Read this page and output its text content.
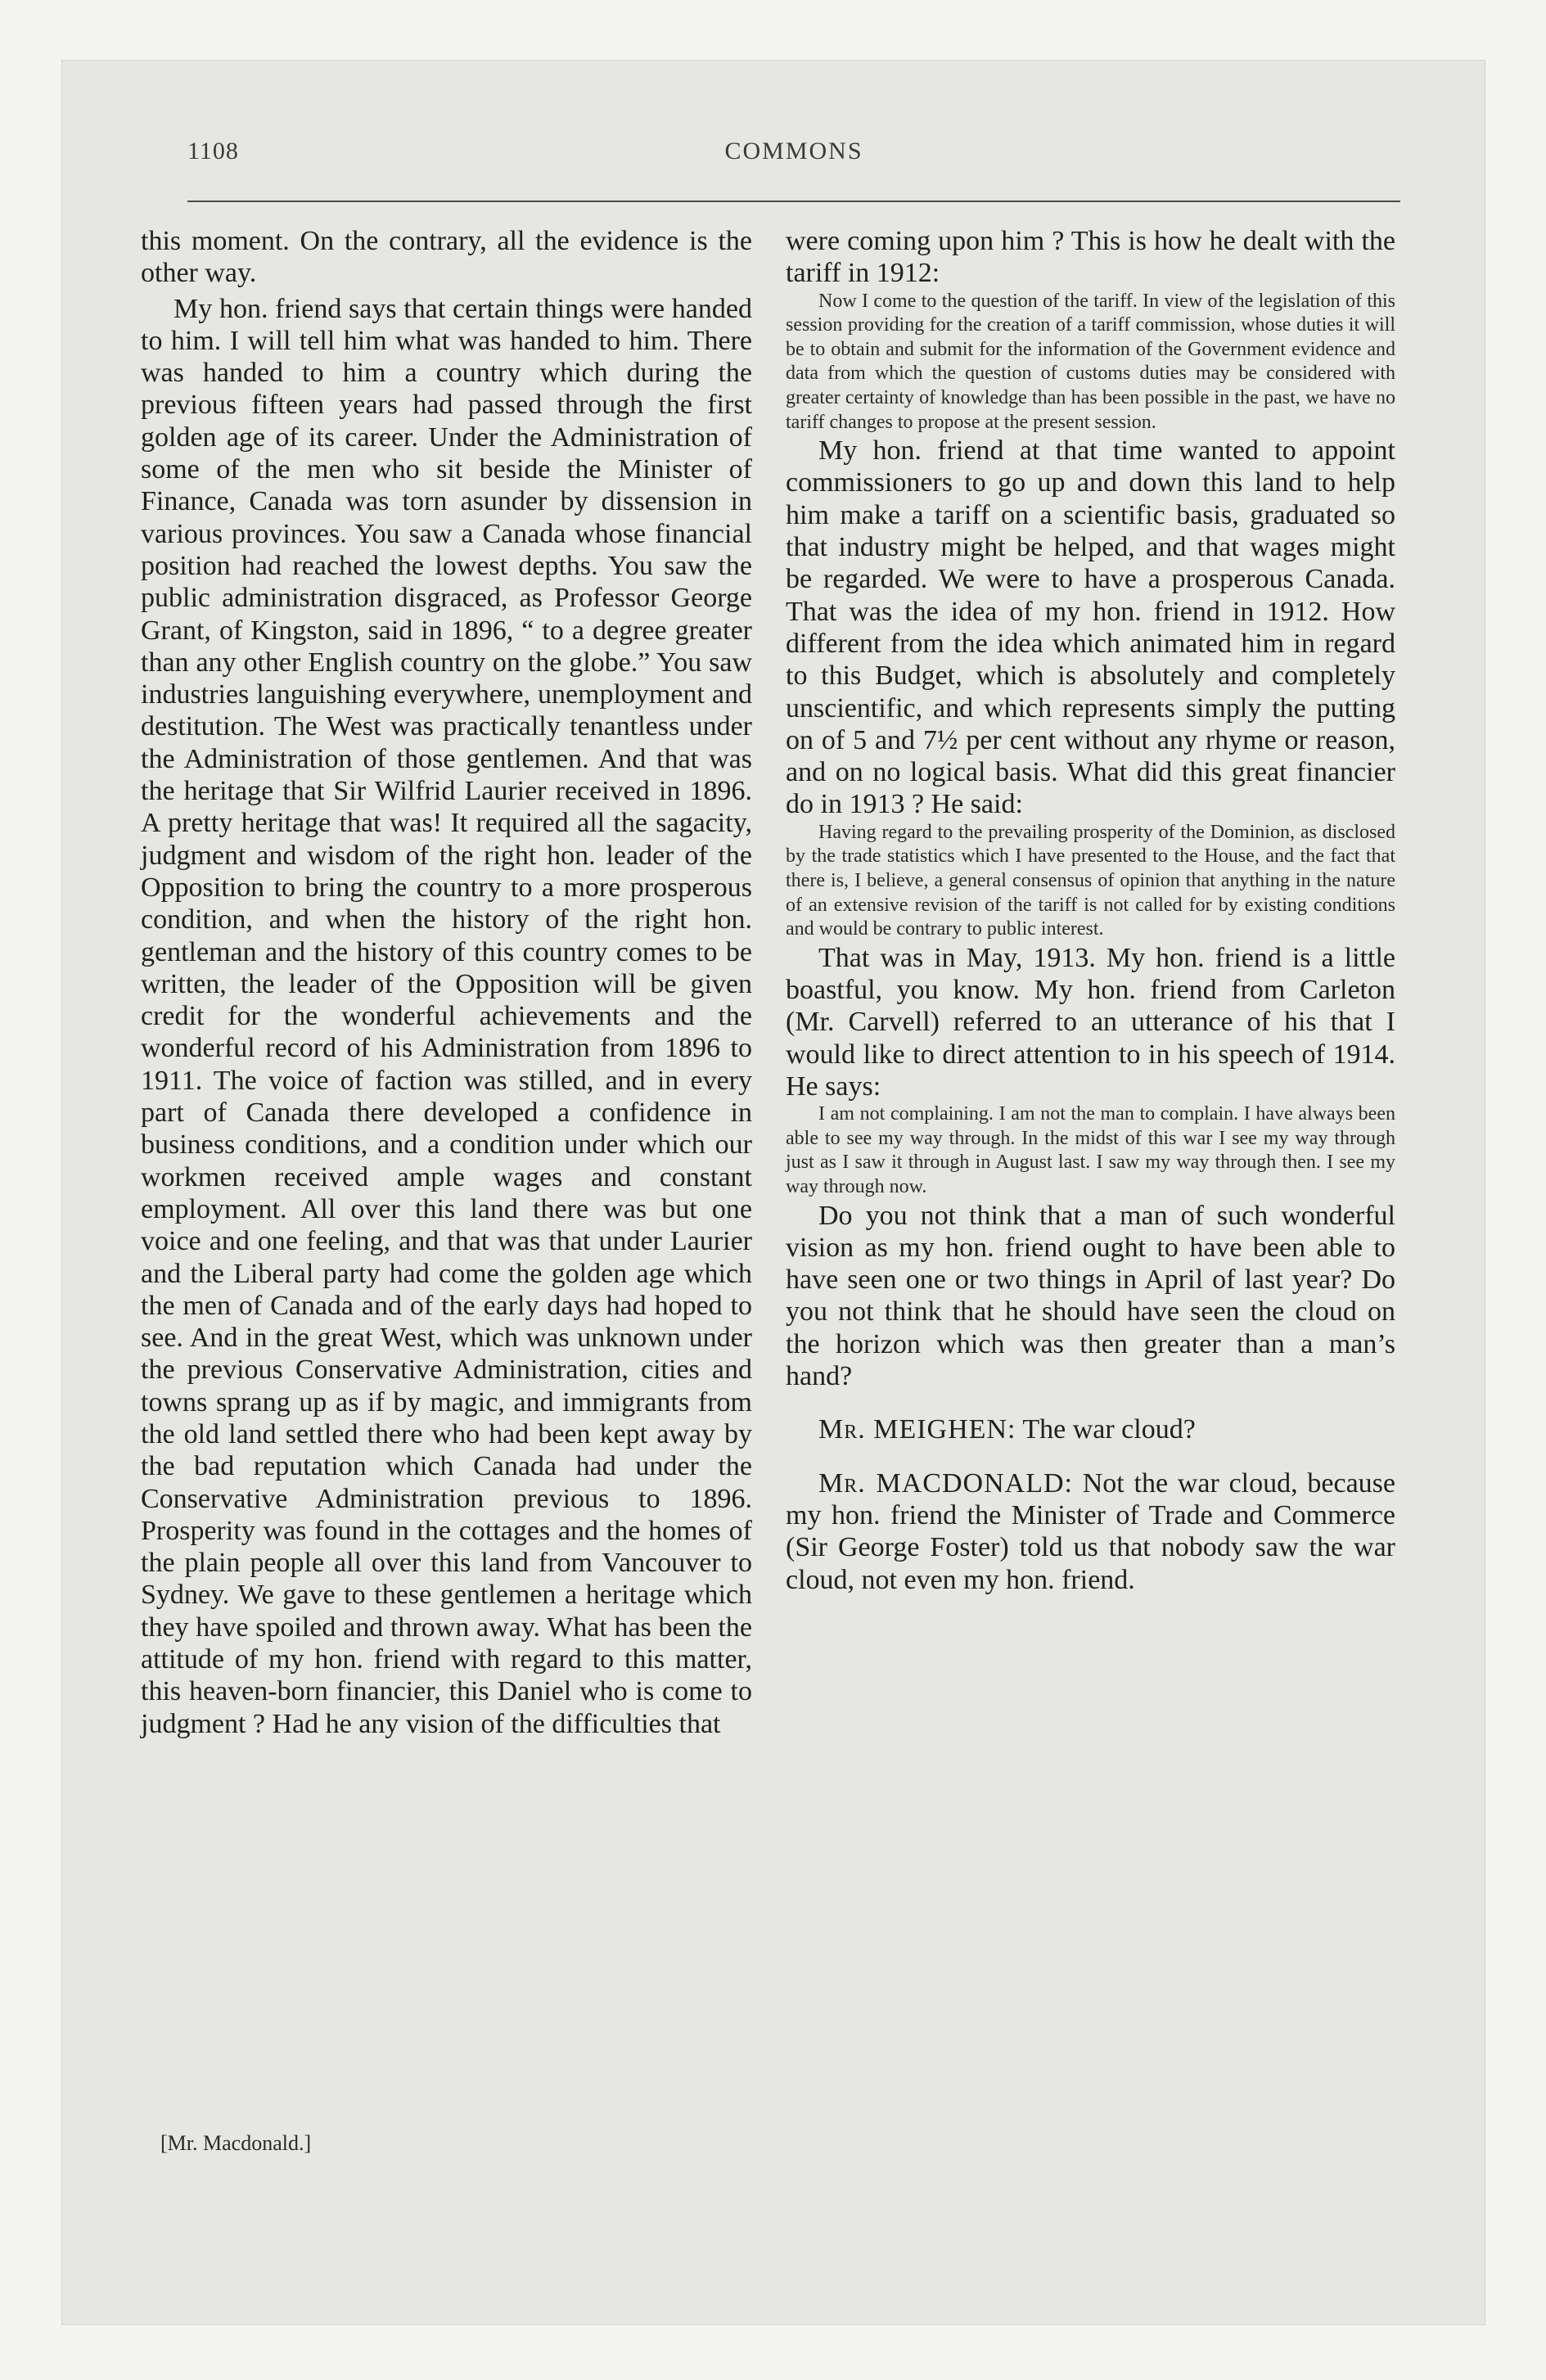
1108	COMMONS

this moment. On the contrary, all the evidence is the other way.

My hon. friend says that certain things were handed to him. I will tell him what was handed to him. There was handed to him a country which during the previous fifteen years had passed through the first golden age of its career. Under the Administration of some of the men who sit beside the Minister of Finance, Canada was torn asunder by dissension in various provinces. You saw a Canada whose financial position had reached the lowest depths. You saw the public administration disgraced, as Professor George Grant, of Kingston, said in 1896, “ to a degree greater than any other English country on the globe.” You saw industries languishing everywhere, unemployment and destitution. The West was practically tenantless under the Administration of those gentlemen. And that was the heritage that Sir Wilfrid Laurier received in 1896. A pretty heritage that was! It required all the sagacity, judgment and wisdom of the right hon. leader of the Opposition to bring the country to a more prosperous condition, and when the history of the right hon. gentleman and the history of this country comes to be written, the leader of the Opposition will be given credit for the wonderful achievements and the wonderful record of his Administration from 1896 to 1911. The voice of faction was stilled, and in every part of Canada there developed a confidence in business conditions, and a condition under which our workmen received ample wages and constant employment. All over this land there was but one voice and one feeling, and that was that under Laurier and the Liberal party had come the golden age which the men of Canada and of the early days had hoped to see. And in the great West, which was unknown under the previous Conservative Administration, cities and towns sprang up as if by magic, and immigrants from the old land settled there who had been kept away by the bad reputation which Canada had under the Conservative Administration previous to 1896. Prosperity was found in the cottages and the homes of the plain people all over this land from Vancouver to Sydney. We gave to these gentlemen a heritage which they have spoiled and thrown away. What has been the attitude of my hon. friend with regard to this matter, this heaven-born financier, this Daniel who is come to judgment ? Had he any vision of the difficulties that

[Mr. Macdonald.]

were coming upon him ? This is how he dealt with the tariff in 1912:

Now I come to the question of the tariff. In view of the legislation of this session providing for the creation of a tariff commission, whose duties it will be to obtain and submit for the information of the Government evidence and data from which the question of customs duties may be considered with greater certainty of knowledge than has been possible in the past, we have no tariff changes to propose at the present session.

My hon. friend at that time wanted to appoint commissioners to go up and down this land to help him make a tariff on a scientific basis, graduated so that industry might be helped, and that wages might be regarded. We were to have a prosperous Canada. That was the idea of my hon. friend in 1912. How different from the idea which animated him in regard to this Budget, which is absolutely and completely unscientific, and which represents simply the putting on of 5 and 7½ per cent without any rhyme or reason, and on no logical basis. What did this great financier do in 1913 ? He said:

Having regard to the prevailing prosperity of the Dominion, as disclosed by the trade statistics which I have presented to the House, and the fact that there is, I believe, a general consensus of opinion that anything in the nature of an extensive revision of the tariff is not called for by existing conditions and would be contrary to public interest.

That was in May, 1913. My hon. friend is a little boastful, you know. My hon. friend from Carleton (Mr. Carvell) referred to an utterance of his that I would like to direct attention to in his speech of 1914. He says:

I am not complaining. I am not the man to complain. I have always been able to see my way through. In the midst of this war I see my way through just as I saw it through in August last. I saw my way through then. I see my way through now.

Do you not think that a man of such wonderful vision as my hon. friend ought to have been able to have seen one or two things in April of last year? Do you not think that he should have seen the cloud on the horizon which was then greater than a man’s hand?

Mr. MEIGHEN: The war cloud?

Mr. MACDONALD: Not the war cloud, because my hon. friend the Minister of Trade and Commerce (Sir George Foster) told us that nobody saw the war cloud, not even my hon. friend.
